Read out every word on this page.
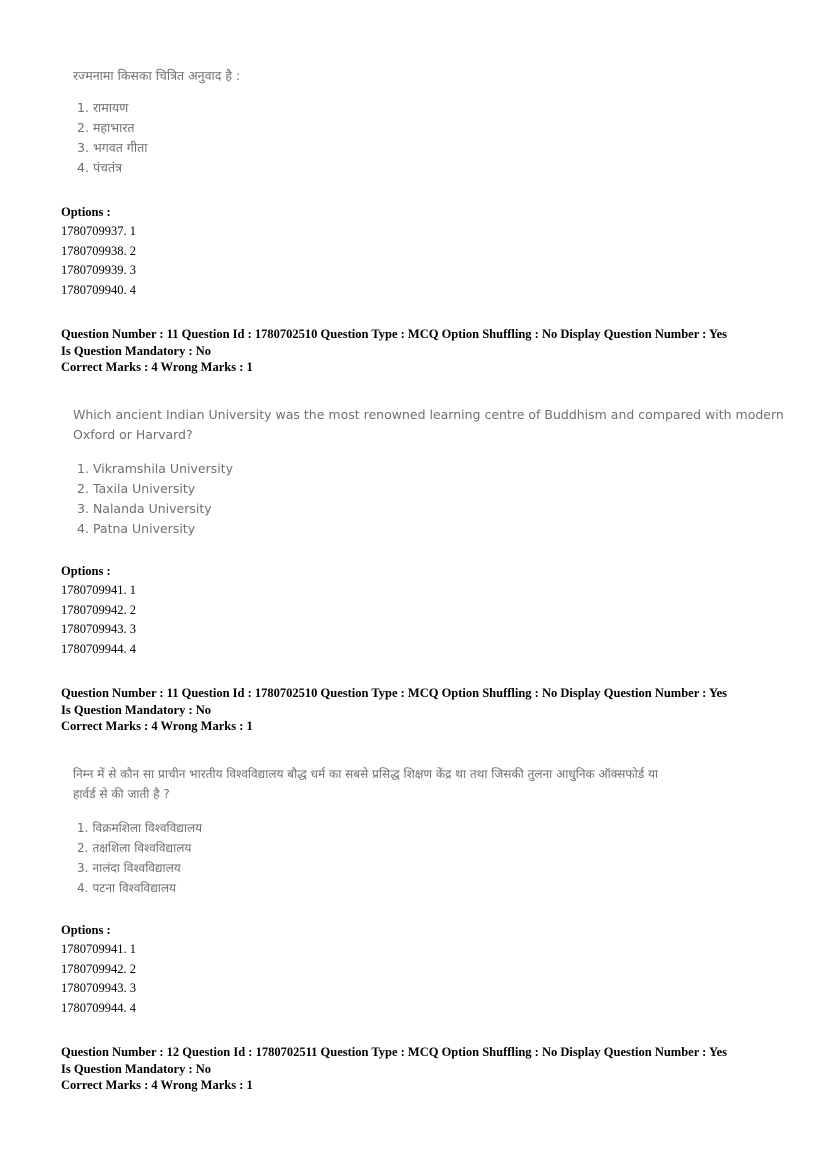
रज्मनामा किसका चित्रित अनुवाद है :
1. रामायण
2. महाभारत
3. भगवत गीता
4. पंचतंत्र
Options :
1780709937. 1
1780709938. 2
1780709939. 3
1780709940. 4
Question Number : 11 Question Id : 1780702510 Question Type : MCQ Option Shuffling : No Display Question Number : Yes
Is Question Mandatory : No
Correct Marks : 4 Wrong Marks : 1
Which ancient Indian University was the most renowned learning centre of Buddhism and compared with modern
Oxford or Harvard?
1. Vikramshila University
2. Taxila University
3. Nalanda University
4. Patna University
Options :
1780709941. 1
1780709942. 2
1780709943. 3
1780709944. 4
Question Number : 11 Question Id : 1780702510 Question Type : MCQ Option Shuffling : No Display Question Number : Yes
Is Question Mandatory : No
Correct Marks : 4 Wrong Marks : 1
निम्न में से कौन सा प्राचीन भारतीय विश्वविद्यालय बौद्ध धर्म का सबसे प्रसिद्ध शिक्षण केंद्र था तथा जिसकी तुलना आधुनिक ऑक्सफोर्ड या
हार्वर्ड से की जाती है ?
1. विक्रमशिला विश्वविद्यालय
2. तक्षशिला विश्वविद्यालय
3. नालंदा विश्वविद्यालय
4. पटना विश्वविद्यालय
Options :
1780709941. 1
1780709942. 2
1780709943. 3
1780709944. 4
Question Number : 12 Question Id : 1780702511 Question Type : MCQ Option Shuffling : No Display Question Number : Yes
Is Question Mandatory : No
Correct Marks : 4 Wrong Marks : 1
